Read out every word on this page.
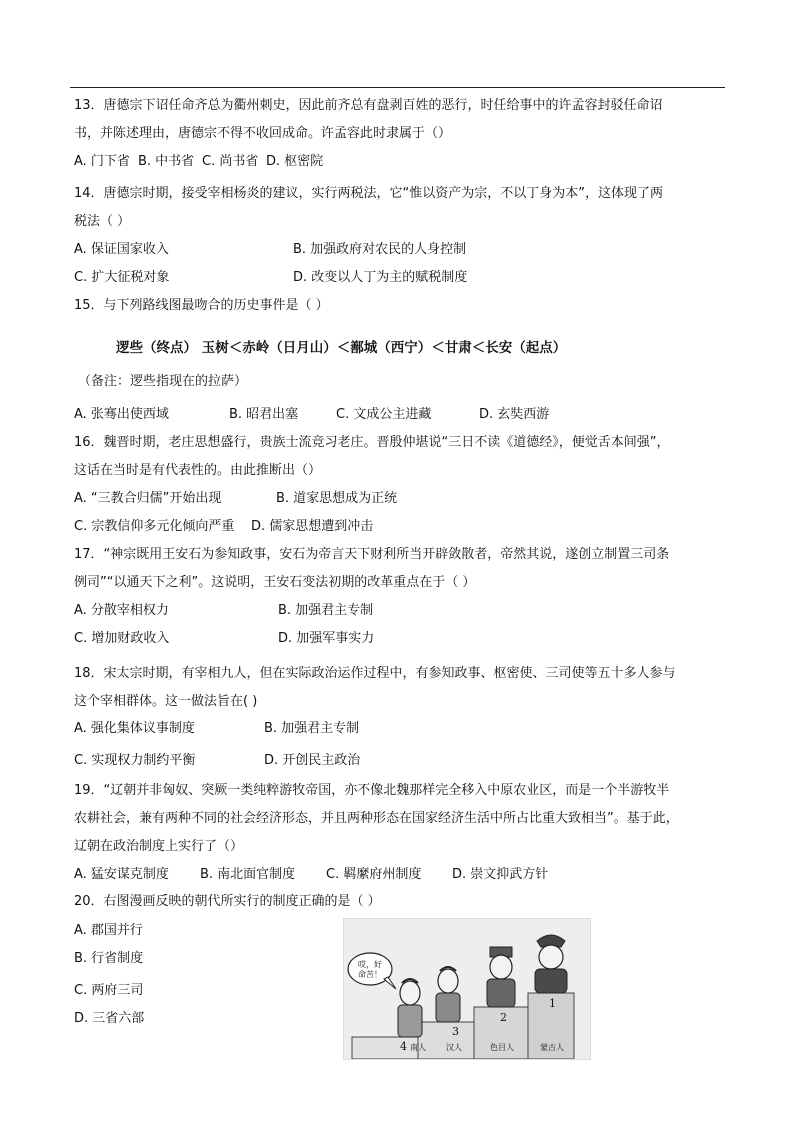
13．唐德宗下诏任命齐总为衢州刺史，因此前齐总有盘剥百姓的恶行，时任给事中的许孟容封驳任命诏
书，并陈述理由，唐德宗不得不收回成命。许孟容此时隶属于（）
A. 门下省 B. 中书省 C. 尚书省 D. 枢密院
14．唐德宗时期，接受宰相杨炎的建议，实行两税法，它“惟以资产为宗，不以丁身为本”，这体现了两
税法（ ）
A. 保证国家收入	B. 加强政府对农民的人身控制
C. 扩大征税对象	D. 改变以人丁为主的赋税制度
15．与下列路线图最吻合的历史事件是（ ）
逻些（终点） 玉树＜赤岭（日月山）＜鄯城（西宁）＜甘肃＜长安（起点）
（备注：逻些指现在的拉萨）
A. 张骞出使西域	B. 昭君出塞	C. 文成公主进藏	D. 玄奘西游
16．魏晋时期，老庄思想盛行，贵族士流竞习老庄。晋殷仲堪说“三日不读《道德经》，便觉舌本间强”，
这话在当时是有代表性的。由此推断出（）
A. “三教合归儒”开始出现	B. 道家思想成为正统
C. 宗教信仰多元化倾向严重 D. 儒家思想遭到冲击
17．“神宗既用王安石为参知政事，安石为帝言天下财利所当开辟敛散者，帝然其说，遂创立制置三司条
例司”“以通天下之利”。这说明，王安石变法初期的改革重点在于（ ）
A. 分散宰相权力	B. 加强君主专制
C. 增加财政收入	D. 加强军事实力
18．宋太宗时期，有宰相九人，但在实际政治运作过程中，有参知政事、枢密使、三司使等五十多人参与
这个宰相群体。这一做法旨在( )
A. 强化集体议事制度	B. 加强君主专制
C. 实现权力制约平衡	D. 开创民主政治
19．“辽朝并非匈奴、突厥一类纯粹游牧帝国，亦不像北魏那样完全移入中原农业区，而是一个半游牧半
农耕社会，兼有两种不同的社会经济形态，并且两种形态在国家经济生活中所占比重大致相当”。基于此，
辽朝在政治制度上实行了（）
A. 猛安谋克制度 B. 南北面官制度 C. 羁縻府州制度 D. 崇文抑武方针
20．右图漫画反映的朝代所实行的制度正确的是（ ）
A. 郡国并行
B. 行省制度
C. 两府三司
D. 三省六部
哎，好
命苦！
1
2
3
4 南人	汉人	色目人	蒙古人
